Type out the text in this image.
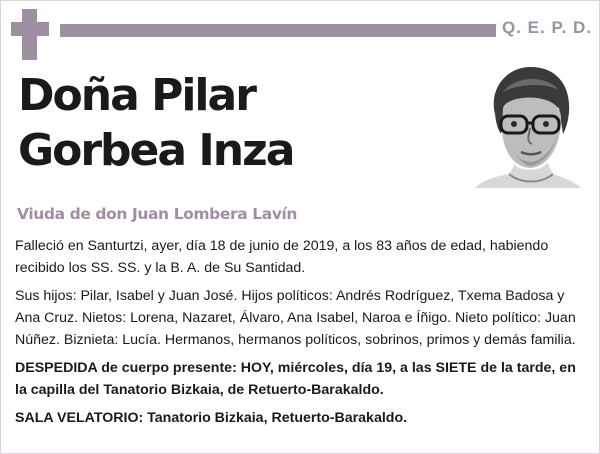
Q. E. P. D.
Doña Pilar
Gorbea Inza
Viuda de don Juan Lombera Lavín

Falleció en Santurtzi, ayer, día 18 de junio de 2019, a los 83 años de edad, habiendo recibido los SS. SS. y la B. A. de Su Santidad.

Sus hijos: Pilar, Isabel y Juan José. Hijos políticos: Andrés Rodríguez, Txema Badosa y Ana Cruz. Nietos: Lorena, Nazaret, Álvaro, Ana Isabel, Naroa e Íñigo. Nieto político: Juan Núñez. Biznieta: Lucía. Hermanos, hermanos políticos, sobrinos, primos y demás familia.

DESPEDIDA de cuerpo presente: HOY, miércoles, día 19, a las SIETE de la tarde, en la capilla del Tanatorio Bizkaia, de Retuerto-Barakaldo.

SALA VELATORIO: Tanatorio Bizkaia, Retuerto-Barakaldo.
